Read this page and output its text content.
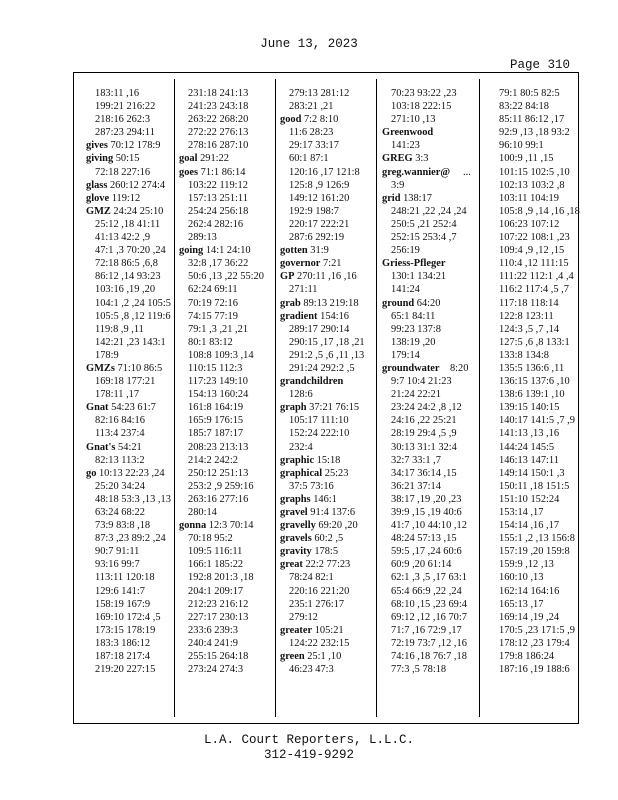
June 13, 2023
Page 310
183:11 ,16
199:21 216:22
218:16 262:3
287:23 294:11
gives 70:12 178:9
giving 50:15
72:18 227:16
glass 260:12 274:4
glove 119:12
GMZ 24:24 25:10
25:12 ,18 41:11
41:13 42:2 ,9
47:1 ,3 70:20 ,24
72:18 86:5 ,6,8
86:12 ,14 93:23
103:16 ,19 ,20
104:1 ,2 ,24 105:5
105:5 ,8 ,12 119:6
119:8 ,9 ,11
142:21 ,23 143:1
178:9
GMZs 71:10 86:5
169:18 177:21
178:11 ,17
Gnat 54:23 61:7
82:16 84:16
113:4 237:4
Gnat's 54:21
82:13 113:2
go 10:13 22:23 ,24
25:20 34:24
48:18 53:3 ,13 ,13
63:24 68:22
73:9 83:8 ,18
87:3 ,23 89:2 ,24
90:7 91:11
93:16 99:7
113:11 120:18
129:6 141:7
158:19 167:9
169:10 172:4 ,5
173:15 178:19
183:3 186:12
187:18 217:4
219:20 227:15
231:18 241:13
241:23 243:18
263:22 268:20
272:22 276:13
278:16 287:10
goal 291:22
goes 71:1 86:14
103:22 119:12
157:13 251:11
254:24 256:18
262:4 282:16
289:13
going 14:1 24:10
32:8 ,17 36:22
50:6 ,13 ,22 55:20
62:24 69:11
70:19 72:16
74:15 77:19
79:1 ,3 ,21 ,21
80:1 83:12
108:8 109:3 ,14
110:15 112:3
117:23 149:10
154:13 160:24
161:8 164:19
165:9 176:15
185:7 187:17
208:23 213:13
214:2 242:2
250:12 251:13
253:2 ,9 259:16
263:16 277:16
280:14
gonna 12:3 70:14
70:18 95:2
109:5 116:11
166:1 185:22
192:8 201:3 ,18
204:1 209:17
212:23 216:12
227:17 230:13
233:6 239:3
240:4 241:9
255:15 264:18
273:24 274:3
279:13 281:12
283:21 ,21
good 7:2 8:10
11:6 28:23
29:17 33:17
60:1 87:1
120:16 ,17 121:8
125:8 ,9 126:9
149:12 161:20
192:9 198:7
220:17 222:21
287:6 292:19
gotten 31:9
governor 7:21
GP 270:11 ,16 ,16
271:11
grab 89:13 219:18
gradient 154:16
289:17 290:14
290:15 ,17 ,18 ,21
291:2 ,5 ,6 ,11 ,13
291:24 292:2 ,5
grandchildren
128:6
graph 37:21 76:15
105:17 111:10
152:24 222:10
232:4
graphic 15:18
graphical 25:23
37:5 73:16
graphs 146:1
gravel 91:4 137:6
gravelly 69:20 ,20
gravels 60:2 ,5
gravity 178:5
great 22:2 77:23
78:24 82:1
220:16 221:20
235:1 276:17
279:12
greater 105:21
124:22 232:15
green 25:1 ,10
46:23 47:3
70:23 93:22 ,23
103:18 222:15
271:10 ,13
Greenwood
141:23
GREG 3:3
greg.wannier@     ...
3:9
grid 138:17
248:21 ,22 ,24 ,24
250:5 ,21 252:4
252:15 253:4 ,7
256:19
Griess-Pfleger
130:1 134:21
141:24
ground 64:20
65:1 84:11
99:23 137:8
138:19 ,20
179:14
groundwater    8:20
9:7 10:4 21:23
21:24 22:21
23:24 24:2 ,8 ,12
24:16 ,22 25:21
28:19 29:4 ,5 ,9
30:13 31:1 32:4
32:7 33:1 ,7
34:17 36:14 ,15
36:21 37:14
38:17 ,19 ,20 ,23
39:9 ,15 ,19 40:6
41:7 ,10 44:10 ,12
48:24 57:13 ,15
59:5 ,17 ,24 60:6
60:9 ,20 61:14
62:1 ,3 ,5 ,17 63:1
65:4 66:9 ,22 ,24
68:10 ,15 ,23 69:4
69:12 ,12 ,16 70:7
71:7 ,16 72:9 ,17
72:19 73:7 ,12 ,16
74:16 ,18 76:7 ,18
77:3 ,5 78:18
79:1 80:5 82:5
83:22 84:18
85:11 86:12 ,17
92:9 ,13 ,18 93:2
96:10 99:1
100:9 ,11 ,15
101:15 102:5 ,10
102:13 103:2 ,8
103:11 104:19
105:8 ,9 ,14 ,16 ,18
106:23 107:12
107:22 108:1 ,23
109:4 ,9 ,12 ,15
110:4 ,12 111:15
111:22 112:1 ,4 ,4
116:2 117:4 ,5 ,7
117:18 118:14
122:8 123:11
124:3 ,5 ,7 ,14
127:5 ,6 ,8 133:1
133:8 134:8
135:5 136:6 ,11
136:15 137:6 ,10
138:6 139:1 ,10
139:15 140:15
140:17 141:5 ,7 ,9
141:13 ,13 ,16
144:24 145:5
146:13 147:11
149:14 150:1 ,3
150:11 ,18 151:5
151:10 152:24
153:14 ,17
154:14 ,16 ,17
155:1 ,2 ,13 156:8
157:19 ,20 159:8
159:9 ,12 ,13
160:10 ,13
162:14 164:16
165:13 ,17
169:14 ,19 ,24
170:5 ,23 171:5 ,9
178:12 ,23 179:4
179:8 186:24
187:16 ,19 188:6
L.A. Court Reporters, L.L.C.
312-419-9292
